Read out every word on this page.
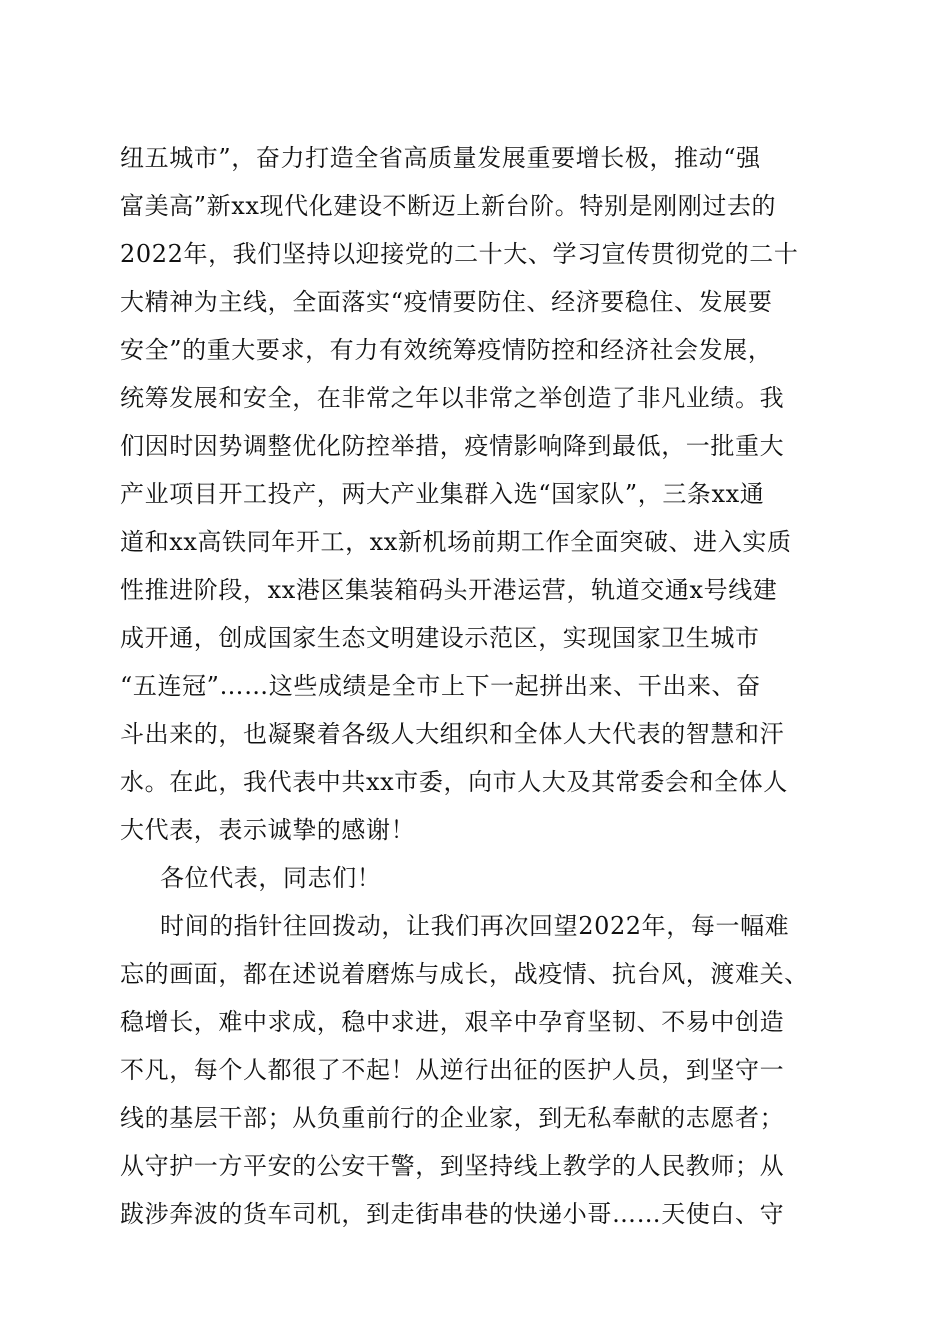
纽五城市”，奋力打造全省高质量发展重要增长极，推动“强
富美高”新xx现代化建设不断迈上新台阶。特别是刚刚过去的
2022年，我们坚持以迎接党的二十大、学习宣传贯彻党的二十
大精神为主线，全面落实“疫情要防住、经济要稳住、发展要
安全”的重大要求，有力有效统筹疫情防控和经济社会发展，
统筹发展和安全，在非常之年以非常之举创造了非凡业绩。我
们因时因势调整优化防控举措，疫情影响降到最低，一批重大
产业项目开工投产，两大产业集群入选“国家队”，三条xx通
道和xx高铁同年开工，xx新机场前期工作全面突破、进入实质
性推进阶段，xx港区集装箱码头开港运营，轨道交通x号线建
成开通，创成国家生态文明建设示范区，实现国家卫生城市
“五连冠”……这些成绩是全市上下一起拼出来、干出来、奋
斗出来的，也凝聚着各级人大组织和全体人大代表的智慧和汗
水。在此，我代表中共xx市委，向市人大及其常委会和全体人
大代表，表示诚挚的感谢！
各位代表，同志们！
时间的指针往回拨动，让我们再次回望2022年，每一幅难
忘的画面，都在述说着磨炼与成长，战疫情、抗台风，渡难关、
稳增长，难中求成，稳中求进，艰辛中孕育坚韧、不易中创造
不凡，每个人都很了不起！从逆行出征的医护人员，到坚守一
线的基层干部；从负重前行的企业家，到无私奉献的志愿者；
从守护一方平安的公安干警，到坚持线上教学的人民教师；从
跋涉奔波的货车司机，到走街串巷的快递小哥……天使白、守
